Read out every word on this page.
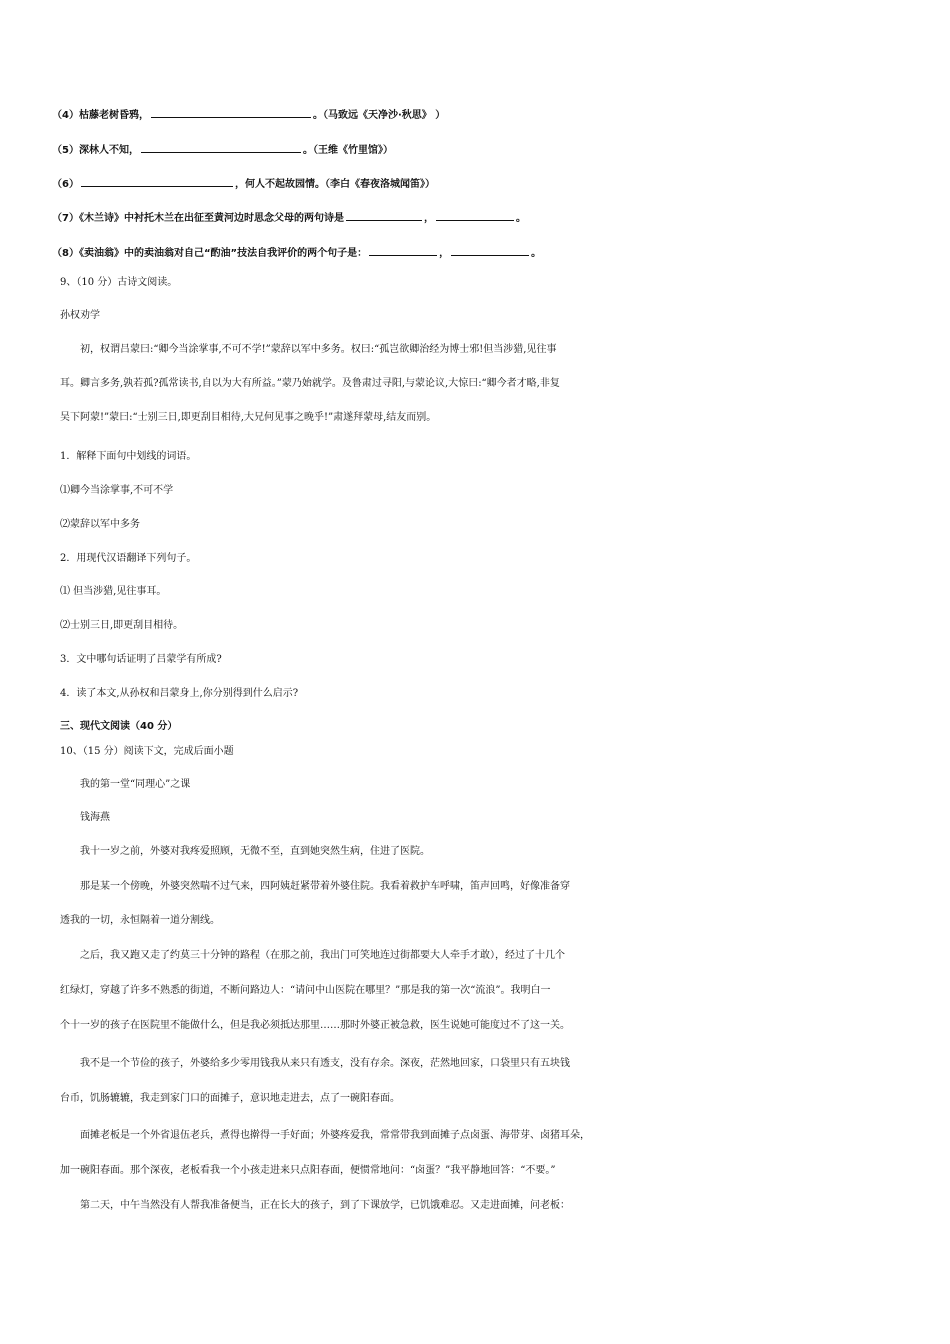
（4）枯藤老树昏鸦，	。（马致远《天净沙·秋思》 ）
（5）深林人不知，	。（王维《竹里馆》）
（6）	，何人不起故园情。（李白《春夜洛城闻笛》）
（7）《木兰诗》中衬托木兰在出征至黄河边时思念父母的两句诗是	，	。
（8）《卖油翁》中的卖油翁对自己“酌油”技法自我评价的两个句子是：	，	。
9、（10 分）古诗文阅读。
孙权劝学
初，权谓吕蒙曰:“卿今当涂掌事,不可不学!”蒙辞以军中多务。权曰:“孤岂欲卿治经为博士邪!但当涉猎,见往事
耳。卿言多务,孰若孤?孤常读书,自以为大有所益。”蒙乃始就学。及鲁肃过寻阳,与蒙论议,大惊曰:“卿今者才略,非复
吴下阿蒙!”蒙曰:“士别三日,即更刮目相待,大兄何见事之晚乎!”肃遂拜蒙母,结友而别。
1．解释下面句中划线的词语。
⑴卿今当涂掌事,不可不学
⑵蒙辞以军中多务
2．用现代汉语翻译下列句子。
⑴ 但当涉猎,见往事耳。
⑵士别三日,即更刮目相待。
3．文中哪句话证明了吕蒙学有所成?
4．读了本文,从孙权和吕蒙身上,你分别得到什么启示?
三、现代文阅读（40 分）
10、（15 分）阅读下文，完成后面小题
我的第一堂“同理心”之课
钱海燕
我十一岁之前，外婆对我疼爱照顾，无微不至，直到她突然生病，住进了医院。
那是某一个傍晚，外婆突然喘不过气来，四阿姨赶紧带着外婆住院。我看着救护车呼啸，笛声回鸣，好像准备穿
透我的一切，永恒隔着一道分割线。
之后，我又跑又走了约莫三十分钟的路程（在那之前，我出门可笑地连过街都要大人牵手才敢），经过了十几个
红绿灯，穿越了许多不熟悉的街道，不断问路边人：“请问中山医院在哪里？”那是我的第一次“流浪”。我明白一
个十一岁的孩子在医院里不能做什么，但是我必须抵达那里……那时外婆正被急救，医生说她可能度过不了这一关。
我不是一个节俭的孩子，外婆给多少零用钱我从来只有透支，没有存余。深夜，茫然地回家，口袋里只有五块钱
台币，饥肠辘辘，我走到家门口的面摊子，意识地走进去，点了一碗阳春面。
面摊老板是一个外省退伍老兵，煮得也擀得一手好面；外婆疼爱我，常常带我到面摊子点卤蛋、海带芽、卤猪耳朵，
加一碗阳春面。那个深夜，老板看我一个小孩走进来只点阳春面，便惯常地问：“卤蛋？”我平静地回答：“不要。”
第二天，中午当然没有人帮我准备便当，正在长大的孩子，到了下课放学，已饥饿难忍。又走进面摊，问老板：
